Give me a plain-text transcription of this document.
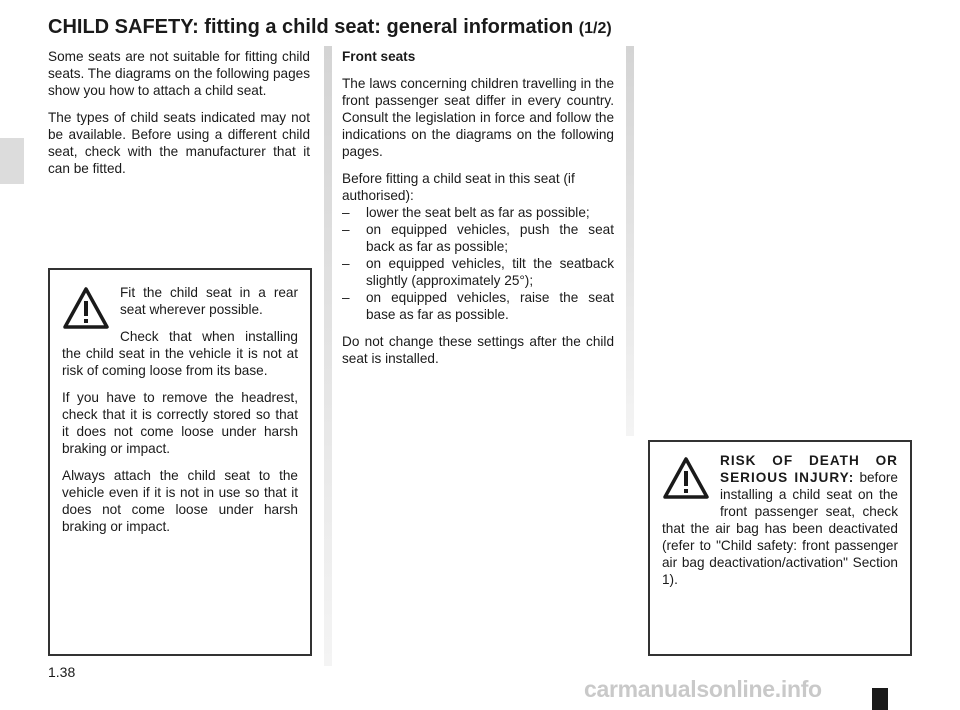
CHILD SAFETY: fitting a child seat: general information (1/2)

Some seats are not suitable for fitting child seats. The diagrams on the following pages show you how to attach a child seat.

The types of child seats indicated may not be available. Before using a different child seat, check with the manufacturer that it can be fitted.

Fit the child seat in a rear seat wherever possible.

Check that when installing the child seat in the vehicle it is not at risk of coming loose from its base.

If you have to remove the headrest, check that it is correctly stored so that it does not come loose under harsh braking or impact.

Always attach the child seat to the vehicle even if it is not in use so that it does not come loose under harsh braking or impact.

Front seats

The laws concerning children travelling in the front passenger seat differ in every country. Consult the legislation in force and follow the indications on the diagrams on the following pages.

Before fitting a child seat in this seat (if authorised):

– lower the seat belt as far as possible;
– on equipped vehicles, push the seat back as far as possible;
– on equipped vehicles, tilt the seatback slightly (approximately 25°);
– on equipped vehicles, raise the seat base as far as possible.

Do not change these settings after the child seat is installed.

RISK OF DEATH OR SERIOUS INJURY: before installing a child seat on the front passenger seat, check that the air bag has been deactivated (refer to "Child safety: front passenger air bag deactivation/activation" Section 1).

1.38
carmanualsonline.info
